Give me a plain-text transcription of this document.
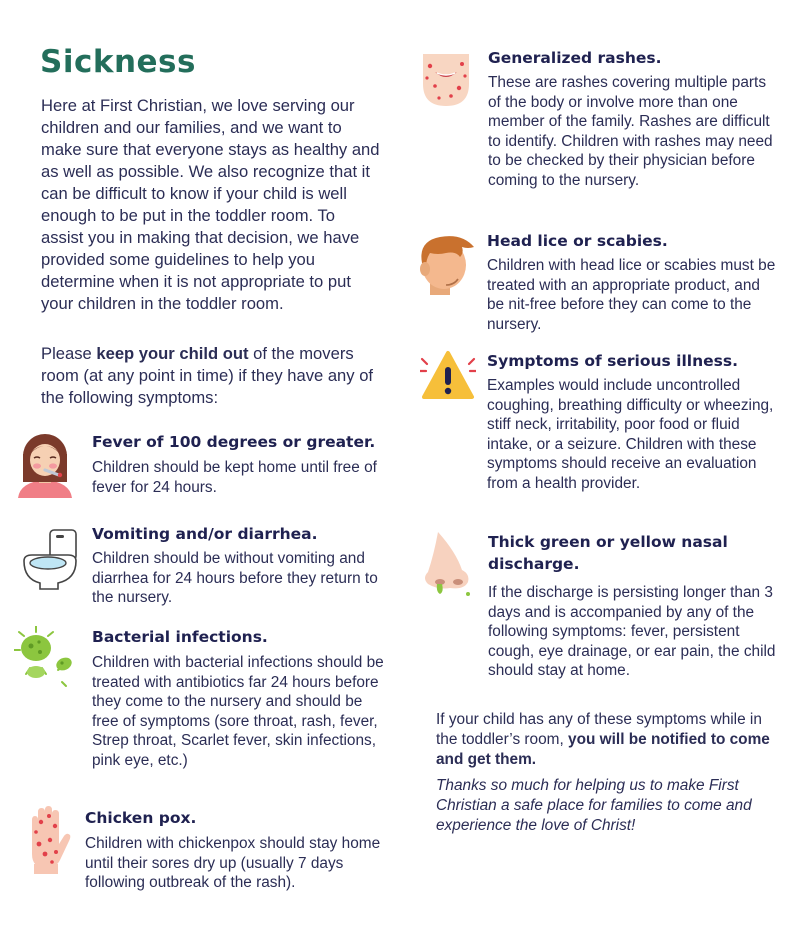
Sickness

Here at First Christian, we love serving our children and our families, and we want to make sure that everyone stays as healthy and as well as possible. We also recognize that it can be difficult to know if your child is well enough to be put in the toddler room. To assist you in making that decision, we have provided some guidelines to help you determine when it is not appropriate to put your children in the toddler room.

Please keep your child out of the movers room (at any point in time) if they have any of the following symptoms:

Fever of 100 degrees or greater.

Children should be kept home until free of fever for 24 hours.

Vomiting and/or diarrhea.

Children should be without vomiting and diarrhea for 24 hours before they return to the nursery.

Bacterial infections.

Children with bacterial infections should be treated with antibiotics far 24 hours before they come to the nursery and should be free of symptoms (sore throat, rash, fever, Strep throat, Scarlet fever, skin infections, pink eye, etc.)

Chicken pox.

Children with chickenpox should stay home until their sores dry up (usually 7 days following outbreak of the rash).

Generalized rashes.

These are rashes covering multiple parts of the body or involve more than one member of the family. Rashes are difficult to identify. Children with rashes may need to be checked by their physician before coming to the nursery.

Head lice or scabies.

Children with head lice or scabies must be treated with an appropriate product, and be nit-free before they can come to the nursery.

Symptoms of serious illness.

Examples would include uncontrolled coughing, breathing difficulty or wheezing, stiff neck, irritability, poor food or fluid intake, or a seizure. Children with these symptoms should receive an evaluation from a health provider.

Thick green or yellow nasal discharge.

If the discharge is persisting longer than 3 days and is accompanied by any of the following symptoms: fever, persistent cough, eye drainage, or ear pain, the child should stay at home.

If your child has any of these symptoms while in the toddler’s room, you will be notified to come and get them.

Thanks so much for helping us to make First Christian a safe place for families to come and experience the love of Christ!
